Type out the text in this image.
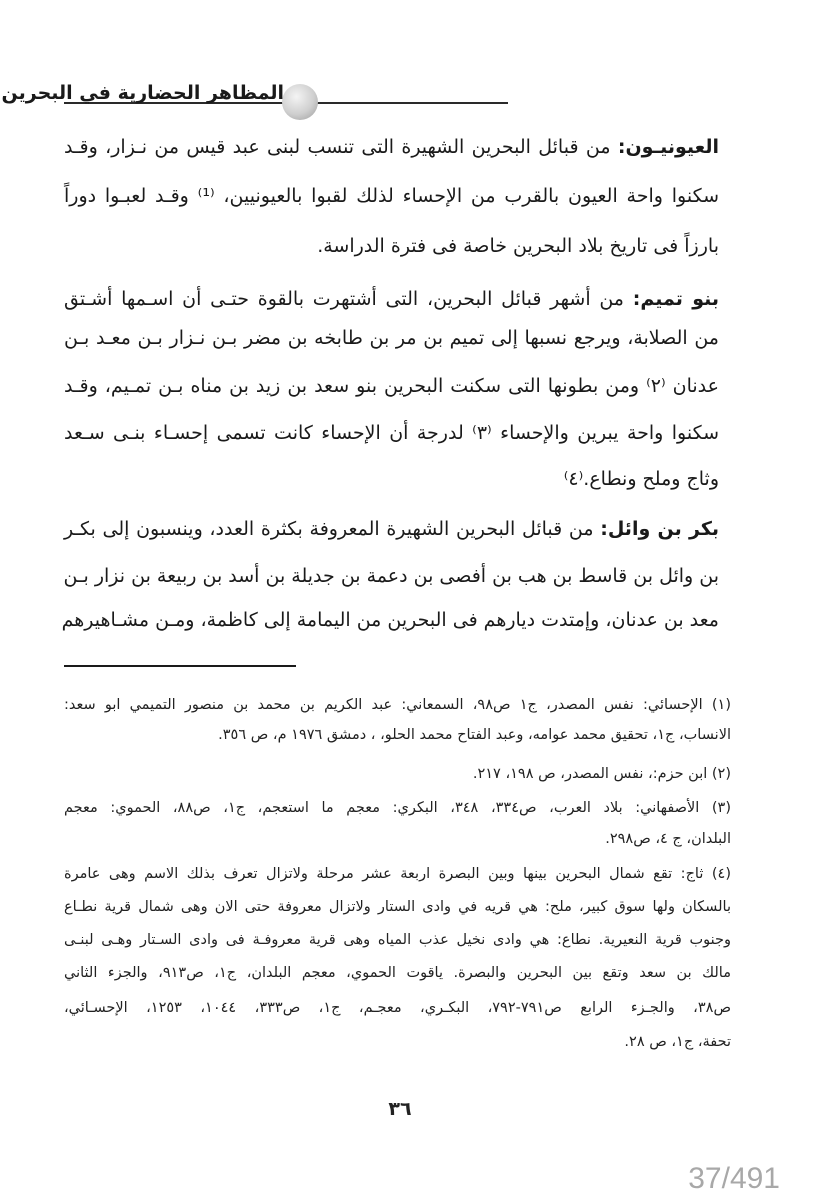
المظاهر الحضارية في البحرين
العيونيـون: من قبائل البحرين الشهيرة التى تنسب لبنى عبد قيس من نـزار، وقـد
سكنوا واحة العيون بالقرب من الإحساء لذلك لقبوا بالعيونيين، ⁽¹⁾ وقـد لعبـوا دوراً
بارزاً فى تاريخ بلاد البحرين خاصة فى فترة الدراسة.
بنو تميم: من أشهر قبائل البحرين، التى أشتهرت بالقوة حتـى أن اسـمها أشـتق
من الصلابة، ويرجع نسبها إلى تميم بن مر بن طابخه بن مضر بـن نـزار بـن معـد بـن
عدنان ⁽٢⁾ ومن بطونها التى سكنت البحرين بنو سعد بن زيد بن مناه بـن تمـيم، وقـد
سكنوا واحة يبرين والإحساء ⁽٣⁾ لدرجة أن الإحساء كانت تسمى إحسـاء بنـى سـعد
وثاج وملح ونطاع.⁽٤⁾
بكر بن وائل: من قبائل البحرين الشهيرة المعروفة بكثرة العدد، وينسبون إلى بكـر
بن وائل بن قاسط بن هب بن أفصى بن دعمة بن جديلة بن أسد بن ربيعة بن نزار بـن
معد بن عدنان، وإمتدت ديارهم فى البحرين من اليمامة إلى كاظمة، ومـن مشـاهيرهم
(١) الإحسائي: نفس المصدر، ج١ ص٩٨، السمعاني: عبد الكريم بن محمد بن منصور التميمي ابو سعد:
الانساب، ج١، تحقيق محمد عوامه، وعبد الفتاح محمد الحلو، ، دمشق ١٩٧٦ م، ص ٣٥٦.
(٢) ابن حزم:، نفس المصدر، ص ١٩٨، ٢١٧.
(٣) الأصفهاني: بلاد العرب، ص٣٣٤، ٣٤٨، البكري: معجم ما استعجم، ج١، ص٨٨، الحموي: معجم
البلدان، ج ٤، ص٢٩٨.
(٤) ثاج: تقع شمال البحرين بينها وبين البصرة اربعة عشر مرحلة ولاتزال تعرف بذلك الاسم وهى عامرة
بالسكان ولها سوق كبير، ملح: هي قريه في وادى الستار ولاتزال معروفة حتى الان وهى شمال قرية نطـاع
وجنوب قرية النعيرية. نطاع: هي وادى نخيل عذب المياه وهى قرية معروفـة فى وادى السـتار وهـى لبنـى
مالك بن سعد وتقع بين البحرين والبصرة. ياقوت الحموي، معجم البلدان، ج١، ص٩١٣، والجزء الثاني
ص٣٨، والجـزء الرابع ص٧٩١-٧٩٢، البكـري، معجـم، ج١، ص٣٣٣، ١٠٤٤، ١٢٥٣، الإحسـائي،
تحفة، ج١، ص ٢٨.
٣٦
37/491
